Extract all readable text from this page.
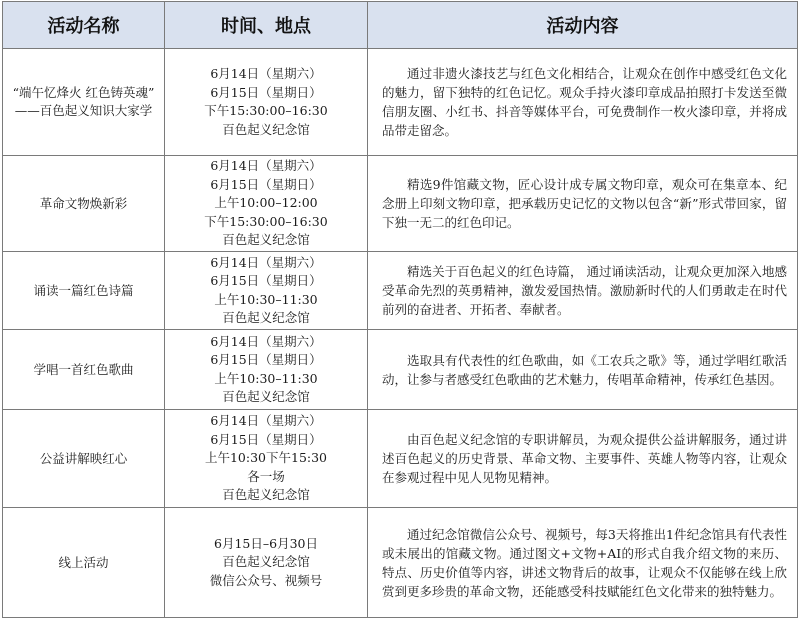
活动名称	时间、地点	活动内容

“端午忆烽火 红色铸英魂”
——百色起义知识大家学	6月14日（星期六）
6月15日（星期日）
下午15:30:00–16:30
百色起义纪念馆	通过非遗火漆技艺与红色文化相结合，让观众在创作中感受红色文化的魅力，留下独特的红色记忆。观众手持火漆印章成品拍照打卡发送至微信朋友圈、小红书、抖音等媒体平台，可免费制作一枚火漆印章，并将成品带走留念。

革命文物焕新彩	6月14日（星期六）
6月15日（星期日）
上午10:00–12:00
下午15:30:00–16:30
百色起义纪念馆	精选9件馆藏文物，匠心设计成专属文物印章，观众可在集章本、纪念册上印刻文物印章，把承载历史记忆的文物以包含“新”形式带回家，留下独一无二的红色印记。

诵读一篇红色诗篇	6月14日（星期六）
6月15日（星期日）
上午10:30–11:30
百色起义纪念馆	精选关于百色起义的红色诗篇， 通过诵读活动，让观众更加深入地感受革命先烈的英勇精神，激发爱国热情。激励新时代的人们勇敢走在时代前列的奋进者、开拓者、奉献者。

学唱一首红色歌曲	6月14日（星期六）
6月15日（星期日）
上午10:30–11:30
百色起义纪念馆	选取具有代表性的红色歌曲，如《工农兵之歌》等，通过学唱红歌活动，让参与者感受红色歌曲的艺术魅力，传唱革命精神，传承红色基因。

公益讲解映红心	6月14日（星期六）
6月15日（星期日）
上午10:30下午15:30
各一场
百色起义纪念馆	由百色起义纪念馆的专职讲解员，为观众提供公益讲解服务，通过讲述百色起义的历史背景、革命文物、主要事件、英雄人物等内容，让观众在参观过程中见人见物见精神。

线上活动	6月15日–6月30日
百色起义纪念馆
微信公众号、视频号	通过纪念馆微信公众号、视频号，每3天将推出1件纪念馆具有代表性或未展出的馆藏文物。通过图文+文物+AI的形式自我介绍文物的来历、特点、历史价值等内容，讲述文物背后的故事，让观众不仅能够在线上欣赏到更多珍贵的革命文物，还能感受科技赋能红色文化带来的独特魅力。
